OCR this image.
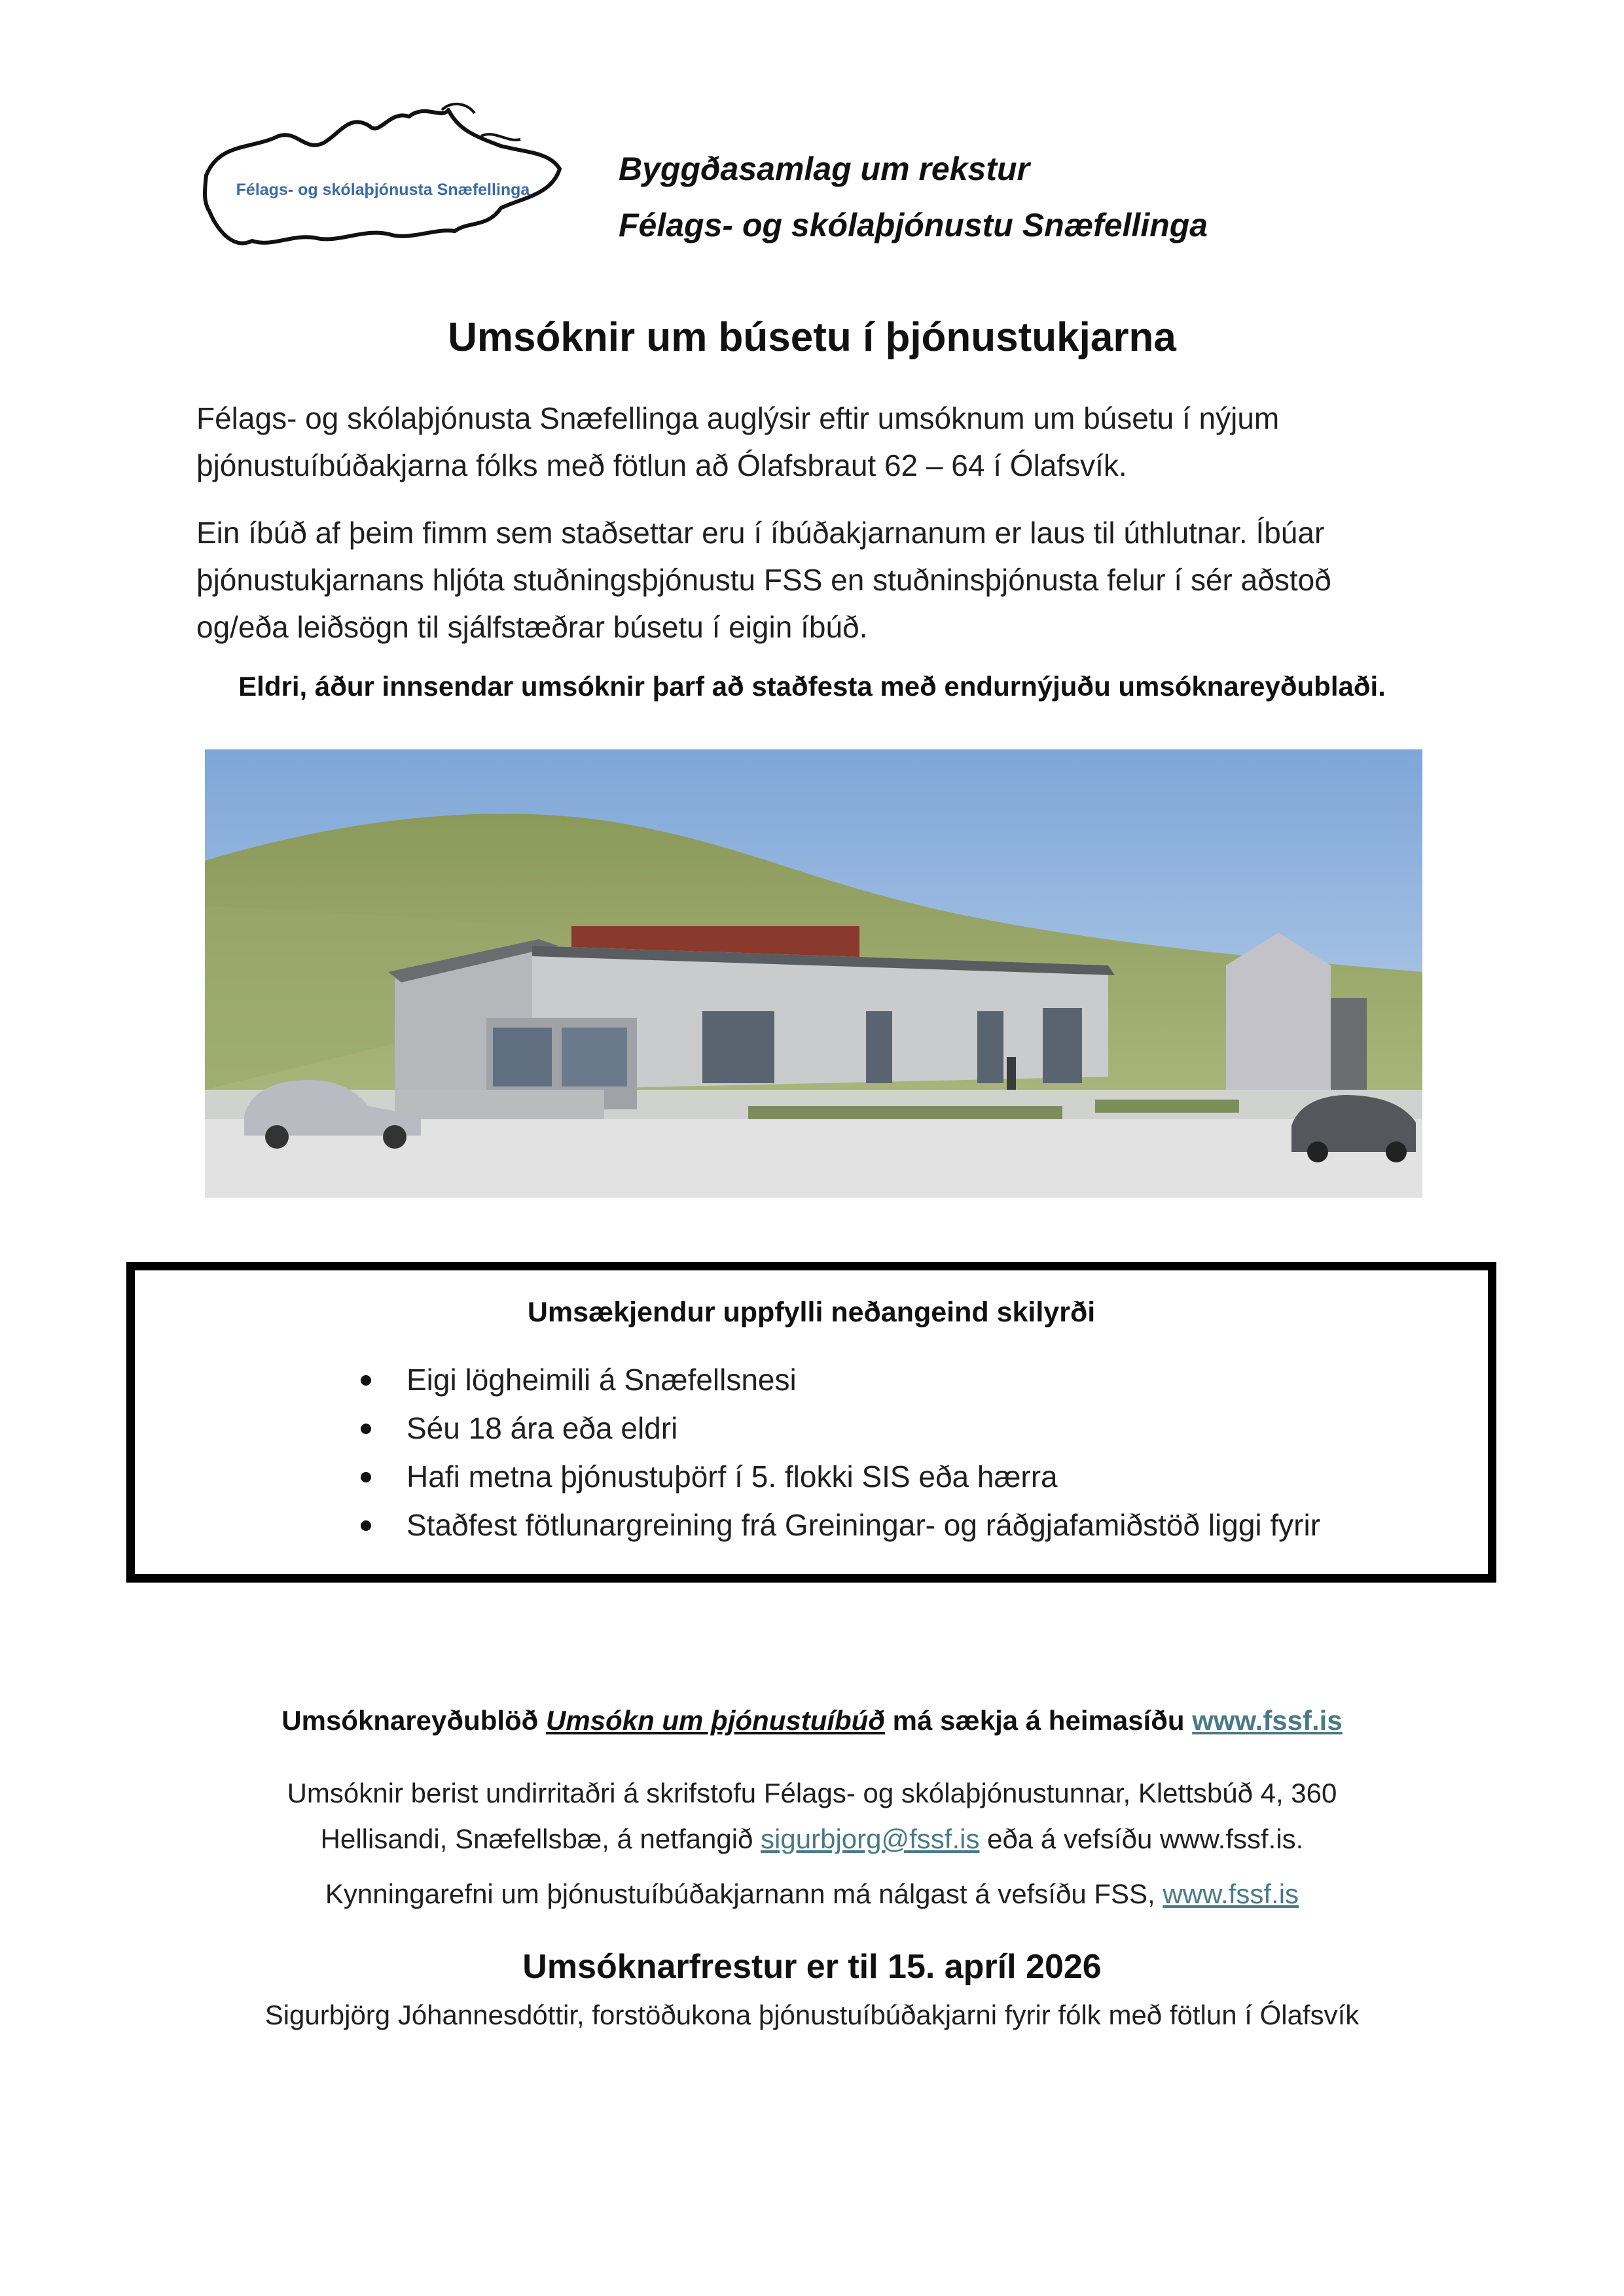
Félags- og skólaþjónusta Snæfellinga
Byggðasamlag um rekstur
Félags- og skólaþjónustu Snæfellinga
Umsóknir um búsetu í þjónustukjarna
Félags- og skólaþjónusta Snæfellinga auglýsir eftir umsóknum um búsetu í nýjum
þjónustuíbúðakjarna fólks með fötlun að Ólafsbraut 62 – 64 í Ólafsvík.
Ein íbúð af þeim fimm sem staðsettar eru í íbúðakjarnanum er laus til úthlutnar. Íbúar
þjónustukjarnans hljóta stuðningsþjónustu FSS en stuðninsþjónusta felur í sér aðstoð
og/eða leiðsögn til sjálfstæðrar búsetu í eigin íbúð.
Eldri, áður innsendar umsóknir þarf að staðfesta með endurnýjuðu umsóknareyðublaði.
Umsækjendur uppfylli neðangeind skilyrði
Eigi lögheimili á Snæfellsnesi
Séu 18 ára eða eldri
Hafi metna þjónustuþörf í 5. flokki SIS eða hærra
Staðfest fötlunargreining frá Greiningar- og ráðgjafamiðstöð liggi fyrir
Umsóknareyðublöð Umsókn um þjónustuíbúð má sækja á heimasíðu www.fssf.is
Umsóknir berist undirritaðri á skrifstofu Félags- og skólaþjónustunnar, Klettsbúð 4, 360
Hellisandi, Snæfellsbæ, á netfangið sigurbjorg@fssf.is eða á vefsíðu www.fssf.is.
Kynningarefni um þjónustuíbúðakjarnann má nálgast á vefsíðu FSS, www.fssf.is
Umsóknarfrestur er til 15. apríl 2026
Sigurbjörg Jóhannesdóttir, forstöðukona þjónustuíbúðakjarni fyrir fólk með fötlun í Ólafsvík
